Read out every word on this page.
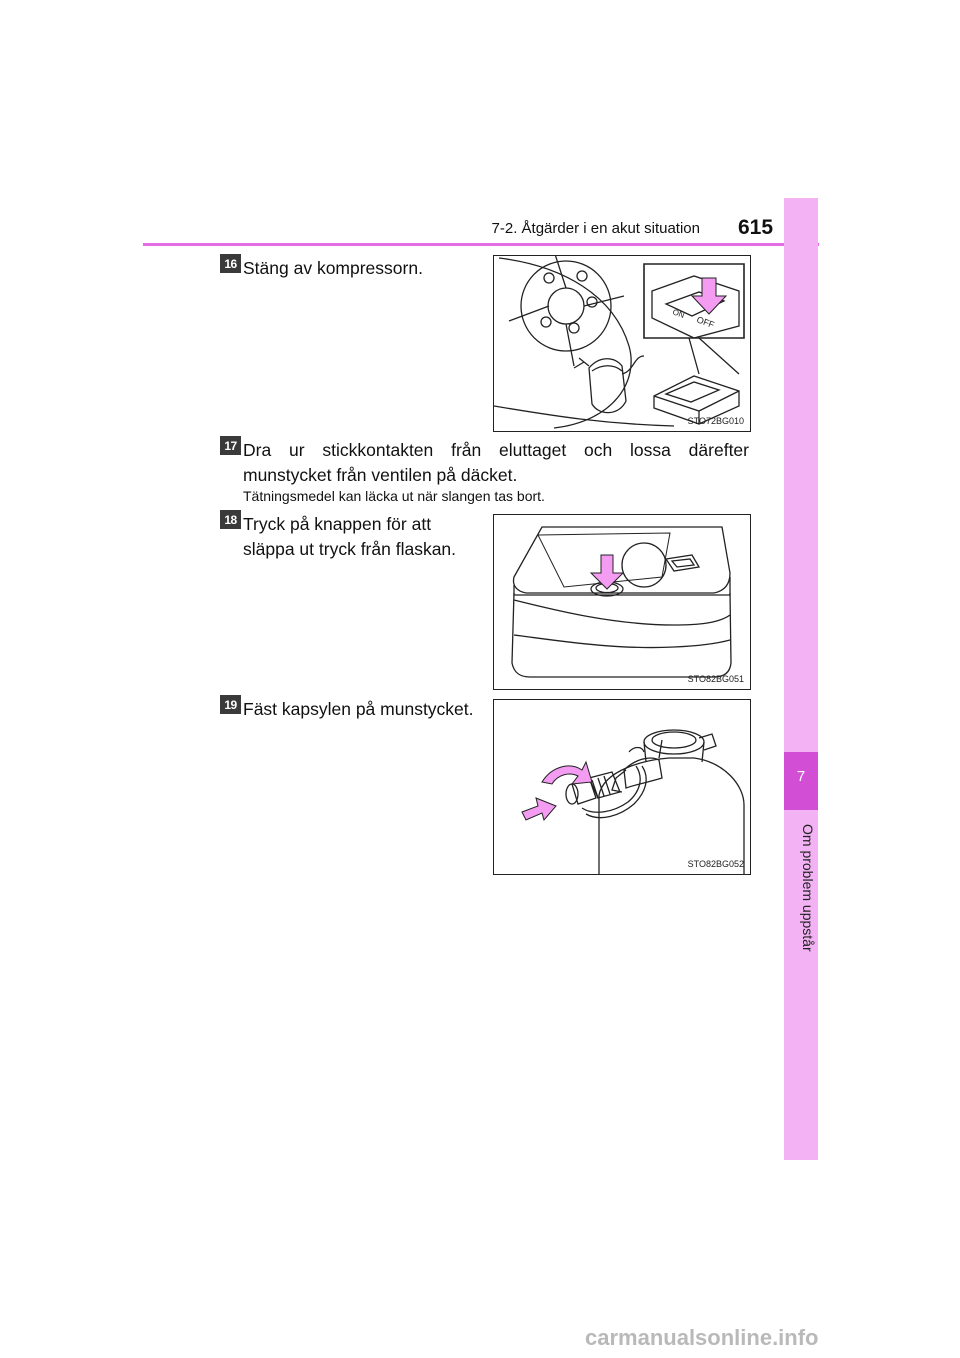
7-2. Åtgärder i en akut situation 615
7
Om problem uppstår
16 Stäng av kompressorn.
ON
OFF
STO72BG010
17 Dra ur stickkontakten från eluttaget och lossa därefter munstycket från ventilen på däcket.
Tätningsmedel kan läcka ut när slangen tas bort.
18 Tryck på knappen för att släppa ut tryck från flaskan.
STO82BG051
19 Fäst kapsylen på munstycket.
STO82BG052
carmanualsonline.info
